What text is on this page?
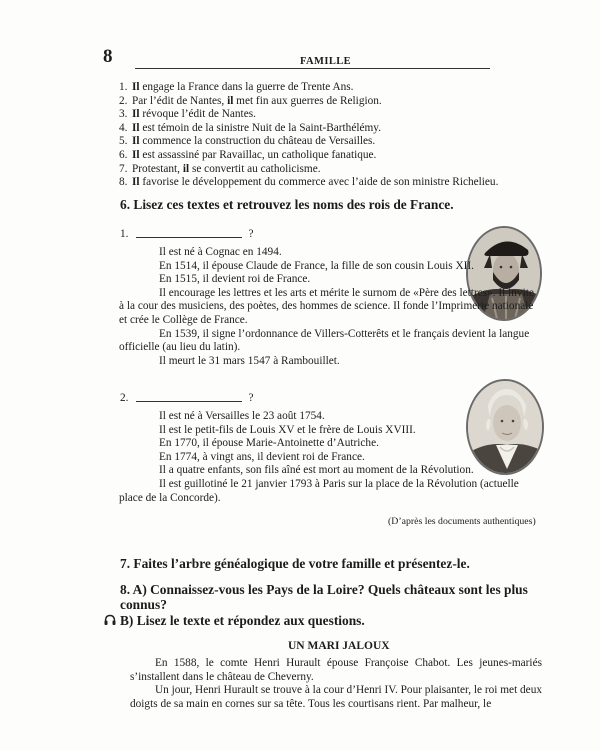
8	FAMILLE
1. Il engage la France dans la guerre de Trente Ans.
2. Par l’édit de Nantes, il met fin aux guerres de Religion.
3. Il révoque l’édit de Nantes.
4. Il est témoin de la sinistre Nuit de la Saint-Barthélémy.
5. Il commence la construction du château de Versailles.
6. Il est assassiné par Ravaillac, un catholique fanatique.
7. Protestant, il se convertit au catholicisme.
8. Il favorise le développement du commerce avec l’aide de son ministre Richelieu.
6. Lisez ces textes et retrouvez les noms des rois de France.
1.	?

Il est né à Cognac en 1494.

En 1514, il épouse Claude de France, la fille de son cousin Louis XII.

En 1515, il devient roi de France.

Il encourage les lettres et les arts et mérite le surnom de «Père des lettres». Il invite à la cour des musiciens, des poètes, des hommes de science. Il fonde l’Imprimerie nationale et crée le Collège de France.

En 1539, il signe l’ordonnance de Villers-Cotterêts et le français devient la langue officielle (au lieu du latin).

Il meurt le 31 mars 1547 à Rambouillet.

2.	?

Il est né à Versailles le 23 août 1754.

Il est le petit-fils de Louis XV et le frère de Louis XVIII.

En 1770, il épouse Marie-Antoinette d’Autriche.

En 1774, à vingt ans, il devient roi de France.

Il a quatre enfants, son fils aîné est mort au moment de la Révolution.

Il est guillotiné le 21 janvier 1793 à Paris sur la place de la Révolution (actuelle place de la Concorde).

(D’après les documents authentiques)
7. Faites l’arbre généalogique de votre famille et présentez-le.
8. A) Connaissez-vous les Pays de la Loire? Quels châteaux sont les plus connus?
B) Lisez le texte et répondez aux questions.
UN MARI JALOUX

En 1588, le comte Henri Hurault épouse Françoise Chabot. Les jeunes-mariés s’installent dans le château de Cheverny.

Un jour, Henri Hurault se trouve à la cour d’Henri IV. Pour plaisanter, le roi met deux doigts de sa main en cornes sur sa tête. Tous les courtisans rient. Par malheur, le
